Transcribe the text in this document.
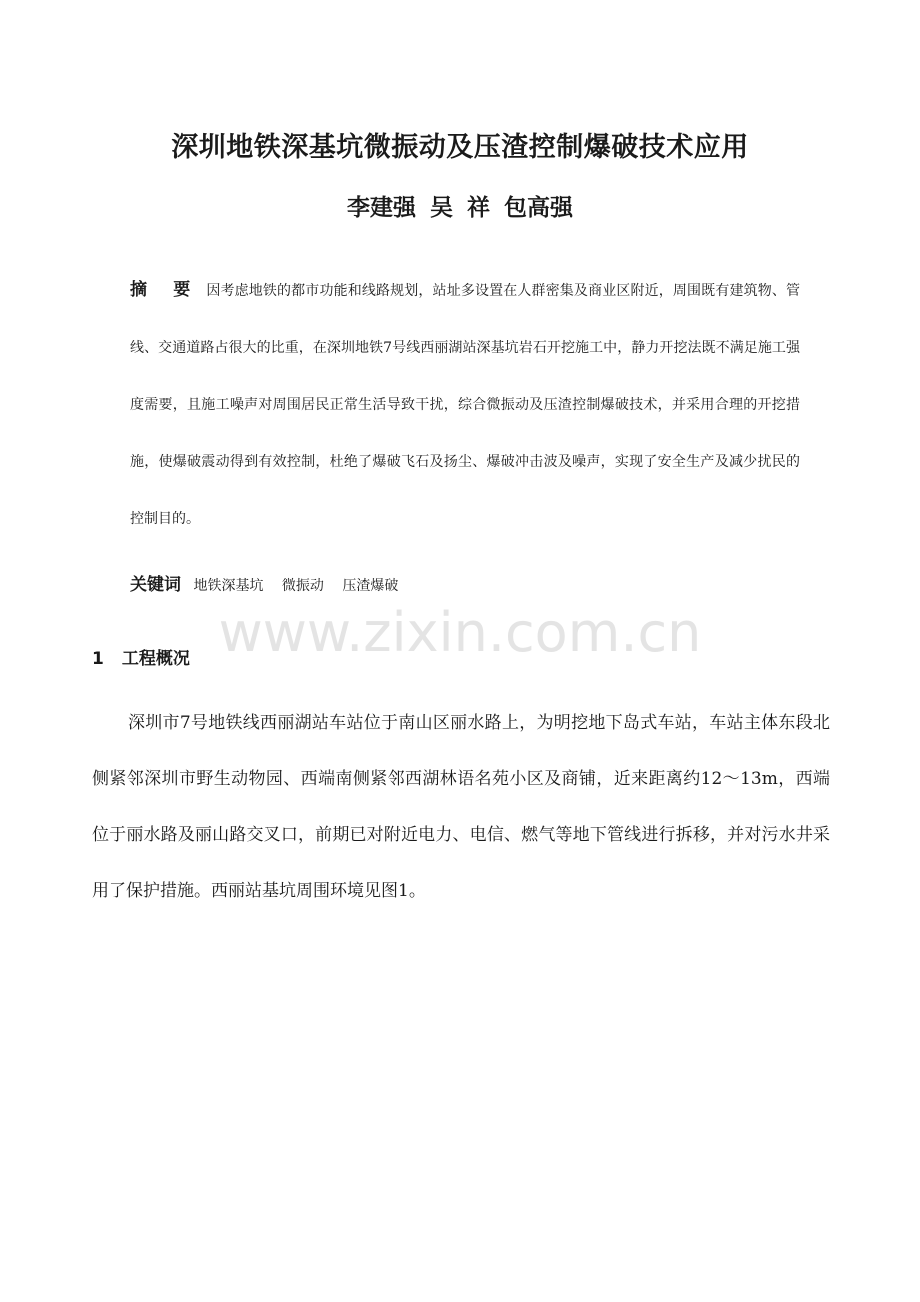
深圳地铁深基坑微振动及压渣控制爆破技术应用
李建强 吴 祥 包高强
摘 要 因考虑地铁的都市功能和线路规划，站址多设置在人群密集及商业区附近，周围既有建筑物、管线、交通道路占很大的比重，在深圳地铁7号线西丽湖站深基坑岩石开挖施工中，静力开挖法既不满足施工强度需要，且施工噪声对周围居民正常生活导致干扰，综合微振动及压渣控制爆破技术，并采用合理的开挖措施，使爆破震动得到有效控制，杜绝了爆破飞石及扬尘、爆破冲击波及噪声，实现了安全生产及减少扰民的控制目的。
关键词 地铁深基坑 微振动 压渣爆破
www.zixin.com.cn
1 工程概况

深圳市7号地铁线西丽湖站车站位于南山区丽水路上，为明挖地下岛式车站，车站主体东段北侧紧邻深圳市野生动物园、西端南侧紧邻西湖林语名苑小区及商铺，近来距离约12～13m，西端位于丽水路及丽山路交叉口，前期已对附近电力、电信、燃气等地下管线进行拆移，并对污水井采用了保护措施。西丽站基坑周围环境见图1。
